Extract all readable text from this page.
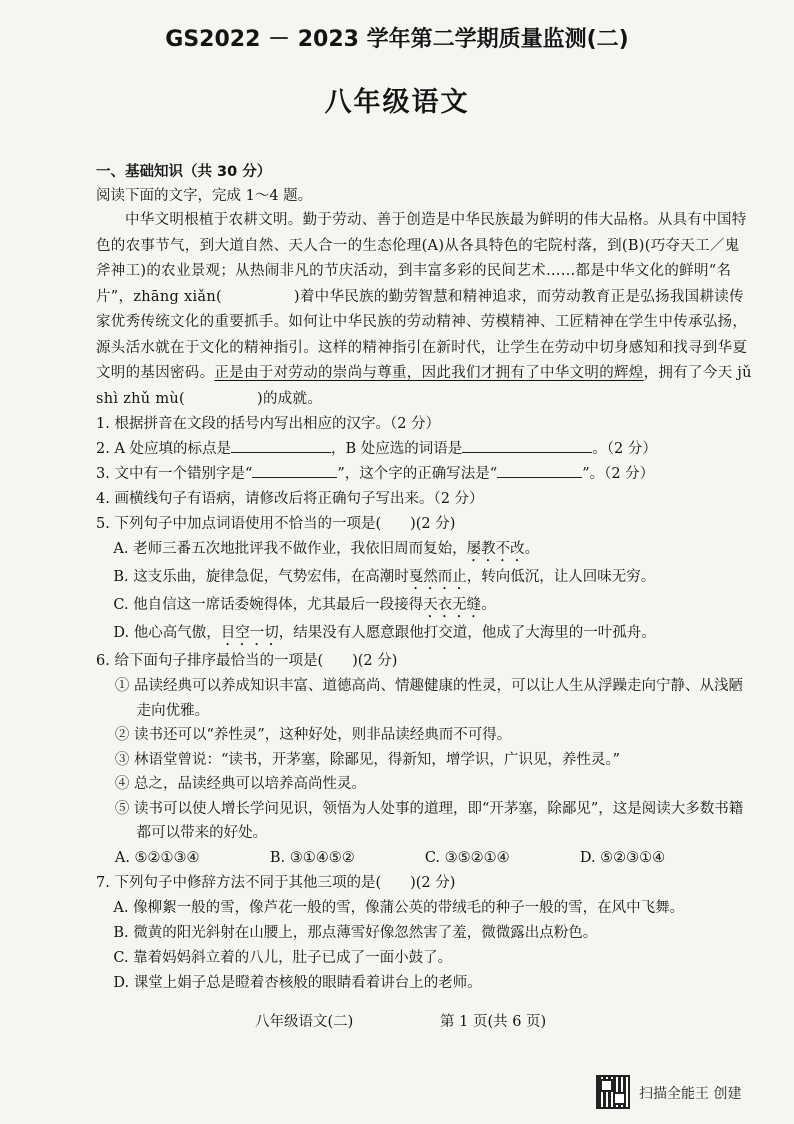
GS2022 － 2023 学年第二学期质量监测(二)
八年级语文
一、基础知识（共 30 分）
阅读下面的文字，完成 1～4 题。

中华文明根植于农耕文明。勤于劳动、善于创造是中华民族最为鲜明的伟大品格。从具有中国特色的农事节气，到大道自然、天人合一的生态伦理(A)从各具特色的宅院村落，到(B)(巧夺天工／鬼斧神工)的农业景观；从热闹非凡的节庆活动，到丰富多彩的民间艺术……都是中华文化的鲜明“名片”，zhāng xiǎn(	)着中华民族的勤劳智慧和精神追求，而劳动教育正是弘扬我国耕读传家优秀传统文化的重要抓手。如何让中华民族的劳动精神、劳模精神、工匠精神在学生中传承弘扬，源头活水就在于文化的精神指引。这样的精神指引在新时代，让学生在劳动中切身感知和找寻到华夏文明的基因密码。正是由于对劳动的崇尚与尊重，因此我们才拥有了中华文明的辉煌，拥有了今天 jǔ shì zhǔ mù(	)的成就。

1. 根据拼音在文段的括号内写出相应的汉字。（2 分）

2. A 处应填的标点是	，B 处应选的词语是	。（2 分）

3. 文中有一个错别字是“	”，这个字的正确写法是“	”。（2 分）

4. 画横线句子有语病，请修改后将正确句子写出来。（2 分）

5. 下列句子中加点词语使用不恰当的一项是(　　)(2 分)

A. 老师三番五次地批评我不做作业，我依旧周而复始，屡教不改。

B. 这支乐曲，旋律急促，气势宏伟，在高潮时戛然而止，转向低沉，让人回味无穷。

C. 他自信这一席话委婉得体，尤其最后一段接得天衣无缝。

D. 他心高气傲，目空一切，结果没有人愿意跟他打交道，他成了大海里的一叶孤舟。

6. 给下面句子排序最恰当的一项是(　　)(2 分)

① 品读经典可以养成知识丰富、道德高尚、情趣健康的性灵，可以让人生从浮躁走向宁静、从浅陋走向优雅。

② 读书还可以“养性灵”，这种好处，则非品读经典而不可得。

③ 林语堂曾说：“读书，开茅塞，除鄙见，得新知，增学识，广识见，养性灵。”

④ 总之，品读经典可以培养高尚性灵。

⑤ 读书可以使人增长学问见识，领悟为人处事的道理，即“开茅塞，除鄙见”，这是阅读大多数书籍都可以带来的好处。

A. ⑤②①③④	B. ③①④⑤②	C. ③⑤②①④	D. ⑤②③①④

7. 下列句子中修辞方法不同于其他三项的是(　　)(2 分)

A. 像柳絮一般的雪，像芦花一般的雪，像蒲公英的带绒毛的种子一般的雪，在风中飞舞。

B. 微黄的阳光斜射在山腰上，那点薄雪好像忽然害了羞，微微露出点粉色。

C. 靠着妈妈斜立着的八儿，肚子已成了一面小鼓了。

D. 课堂上娟子总是瞪着杏核般的眼睛看着讲台上的老师。

八年级语文(二)	第 1 页(共 6 页)
扫描全能王 创建
